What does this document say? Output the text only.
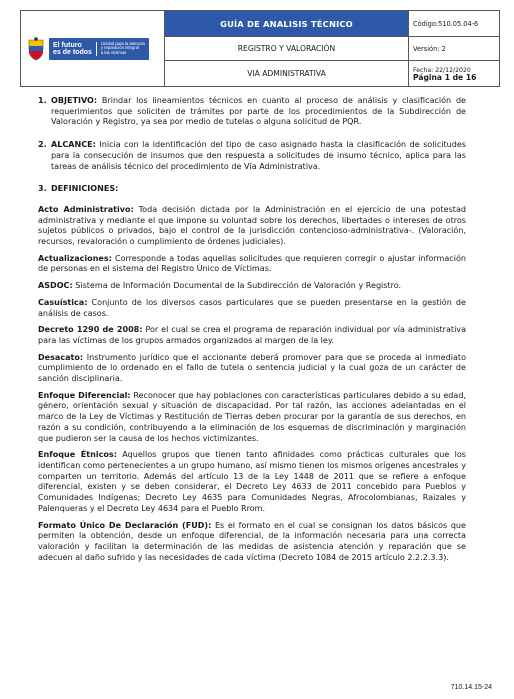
El futuro
es de todos
Unidad para la atención
y reparación integral
a las víctimas	GUÍA DE ANALISIS TÉCNICO	Código:510.05.04-6
	REGISTRO Y VALORACIÓN	Versión: 2
	VIA ADMINISTRATIVA	Fecha: 22/12/2020
Página 1 de 16
1. OBJETIVO: Brindar los lineamientos técnicos en cuanto al proceso de análisis y clasificación de requerimientos que soliciten de trámites por parte de los procedimientos de la Subdirección de Valoración y Registro, ya sea por medio de tutelas o alguna solicitud de PQR.
2. ALCANCE: Inicia con la identificación del tipo de caso asignado hasta la clasificación de solicitudes para la consecución de insumos que den respuesta a solicitudes de insumo técnico, aplica para las tareas de análisis técnico del procedimiento de Vía Administrativa.
3. DEFINICIONES:

Acto Administrativo: Toda decisión dictada por la Administración en el ejercicio de una potestad administrativa y mediante el que impone su voluntad sobre los derechos, libertades o intereses de otros sujetos públicos o privados, bajo el control de la jurisdicción contencioso-administrativa-. (Valoración, recursos, revaloración o cumplimiento de órdenes judiciales).

Actualizaciones: Corresponde a todas aquellas solicitudes que requieren corregir o ajustar información de personas en el sistema del Registro Único de Víctimas.

ASDOC: Sistema de Información Documental de la Subdirección de Valoración y Registro.

Casuística: Conjunto de los diversos casos particulares que se pueden presentarse en la gestión de análisis de casos.

Decreto 1290 de 2008: Por el cual se crea el programa de reparación individual por vía administrativa para las víctimas de los grupos armados organizados al margen de la ley.

Desacato: Instrumento jurídico que el accionante deberá promover para que se proceda al inmediato cumplimiento de lo ordenado en el fallo de tutela o sentencia judicial y la cual goza de un carácter de sanción disciplinaria.

Enfoque Diferencial: Reconocer que hay poblaciones con características particulares debido a su edad, género, orientación sexual y situación de discapacidad. Por tal razón, las acciones adelantadas en el marco de la Ley de Víctimas y Restitución de Tierras deben procurar por la garantía de sus derechos, en razón a su condición, contribuyendo a la eliminación de los esquemas de discriminación y marginación que pudieron ser la causa de los hechos victimizantes.

Enfoque Étnicos: Aquellos grupos que tienen tanto afinidades como prácticas culturales que los identifican como pertenecientes a un grupo humano, así mismo tienen los mismos orígenes ancestrales y comparten un territorio. Además del artículo 13 de la Ley 1448 de 2011 que se refiere a enfoque diferencial, existen y se deben considerar, el Decreto Ley 4633 de 2011 concebido para Pueblos y Comunidades Indígenas; Decreto Ley 4635 para Comunidades Negras, Afrocolombianas, Raizales y Palenqueras y el Decreto Ley 4634 para el Pueblo Rrom.

Formato Único De Declaración (FUD): Es el formato en el cual se consignan los datos básicos que permiten la obtención, desde un enfoque diferencial, de la información necesaria para una correcta valoración y facilitan la determinación de las medidas de asistencia atención y reparación que se adecuen al daño sufrido y las necesidades de cada víctima (Decreto 1084 de 2015 artículo 2.2.2.3.3).

710.14.15-24
